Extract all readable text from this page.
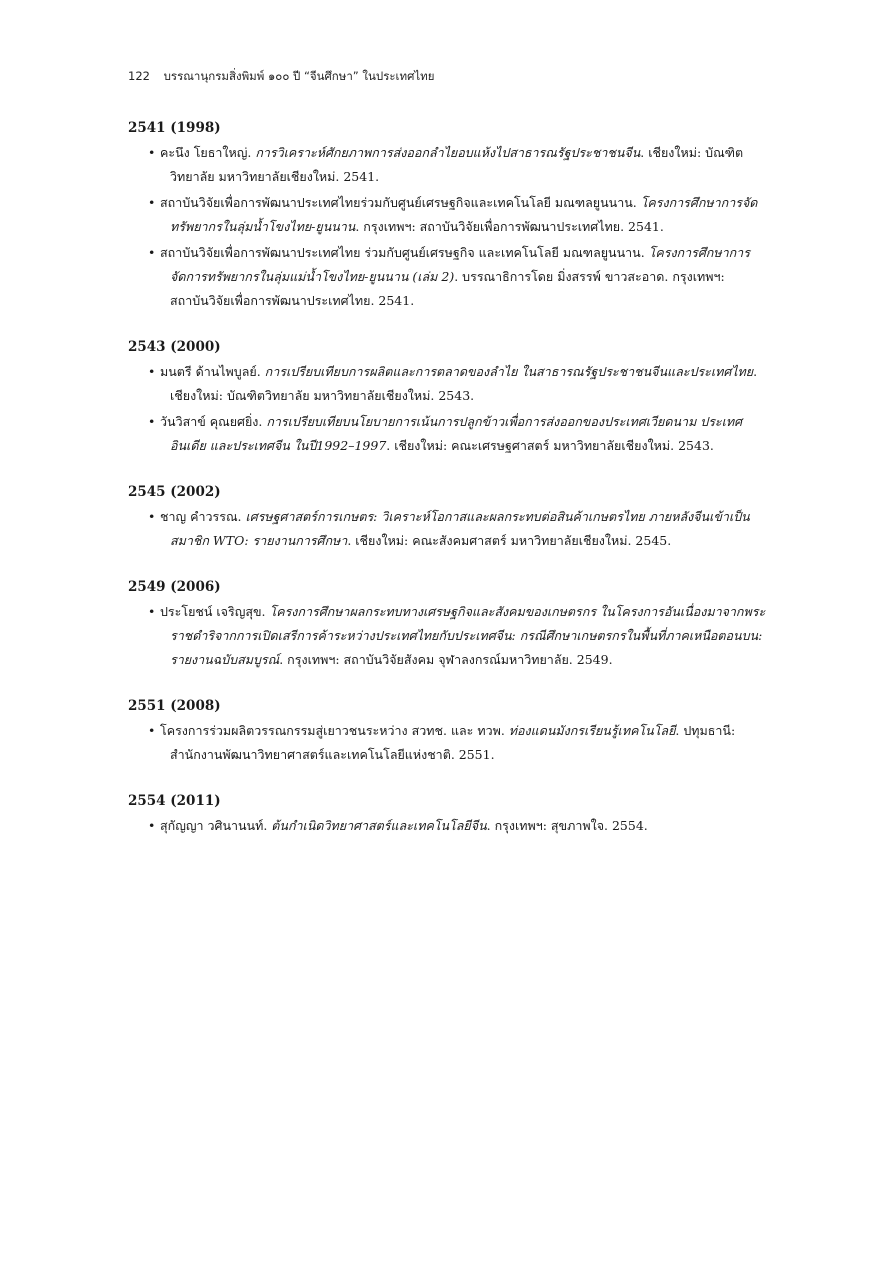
122 บรรณานุกรมสิ่งพิมพ์ ๑๐๐ ปี “จีนศึกษา” ในประเทศไทย
2541 (1998)
• คะนึง โยธาใหญ่. การวิเคราะห์ศักยภาพการส่งออกลำไยอบแห้งไปสาธารณรัฐประชาชนจีน. เชียงใหม่: บัณฑิตวิทยาลัย มหาวิทยาลัยเชียงใหม่. 2541.
• สถาบันวิจัยเพื่อการพัฒนาประเทศไทยร่วมกับศูนย์เศรษฐกิจและเทคโนโลยี มณฑลยูนนาน. โครงการศึกษาการจัดทรัพยากรในลุ่มน้ำโขงไทย-ยูนนาน. กรุงเทพฯ: สถาบันวิจัยเพื่อการพัฒนาประเทศไทย. 2541.
• สถาบันวิจัยเพื่อการพัฒนาประเทศไทย ร่วมกับศูนย์เศรษฐกิจ และเทคโนโลยี มณฑลยูนนาน. โครงการศึกษาการจัดการทรัพยากรในลุ่มแม่น้ำโขงไทย-ยูนนาน (เล่ม 2). บรรณาธิการโดย มิ่งสรรพ์ ขาวสะอาด. กรุงเทพฯ: สถาบันวิจัยเพื่อการพัฒนาประเทศไทย. 2541.
2543 (2000)
• มนตรี ด้านไพบูลย์. การเปรียบเทียบการผลิตและการตลาดของลำไย ในสาธารณรัฐประชาชนจีนและประเทศไทย. เชียงใหม่: บัณฑิตวิทยาลัย มหาวิทยาลัยเชียงใหม่. 2543.
• วันวิสาข์ คุณยศยิ่ง. การเปรียบเทียบนโยบายการเน้นการปลูกข้าวเพื่อการส่งออกของประเทศเวียดนาม ประเทศอินเดีย และประเทศจีน ในปี1992–1997. เชียงใหม่: คณะเศรษฐศาสตร์ มหาวิทยาลัยเชียงใหม่. 2543.
2545 (2002)
• ชาญ คำวรรณ. เศรษฐศาสตร์การเกษตร: วิเคราะห์โอกาสและผลกระทบต่อสินค้าเกษตรไทย ภายหลังจีนเข้าเป็นสมาชิก WTO: รายงานการศึกษา. เชียงใหม่: คณะสังคมศาสตร์ มหาวิทยาลัยเชียงใหม่. 2545.
2549 (2006)
• ประโยชน์ เจริญสุข. โครงการศึกษาผลกระทบทางเศรษฐกิจและสังคมของเกษตรกร ในโครงการอันเนื่องมาจากพระราชดำริจากการเปิดเสรีการค้าระหว่างประเทศไทยกับประเทศจีน: กรณีศึกษาเกษตรกรในพื้นที่ภาคเหนือตอนบน: รายงานฉบับสมบูรณ์. กรุงเทพฯ: สถาบันวิจัยสังคม จุฬาลงกรณ์มหาวิทยาลัย. 2549.
2551 (2008)
• โครงการร่วมผลิตวรรณกรรมสู่เยาวชนระหว่าง สวทช. และ ทวพ. ท่องแดนมังกรเรียนรู้เทคโนโลยี. ปทุมธานี: สำนักงานพัฒนาวิทยาศาสตร์และเทคโนโลยีแห่งชาติ. 2551.
2554 (2011)
• สุกัญญา วศินานนท์. ต้นกำเนิดวิทยาศาสตร์และเทคโนโลยีจีน. กรุงเทพฯ: สุขภาพใจ. 2554.
